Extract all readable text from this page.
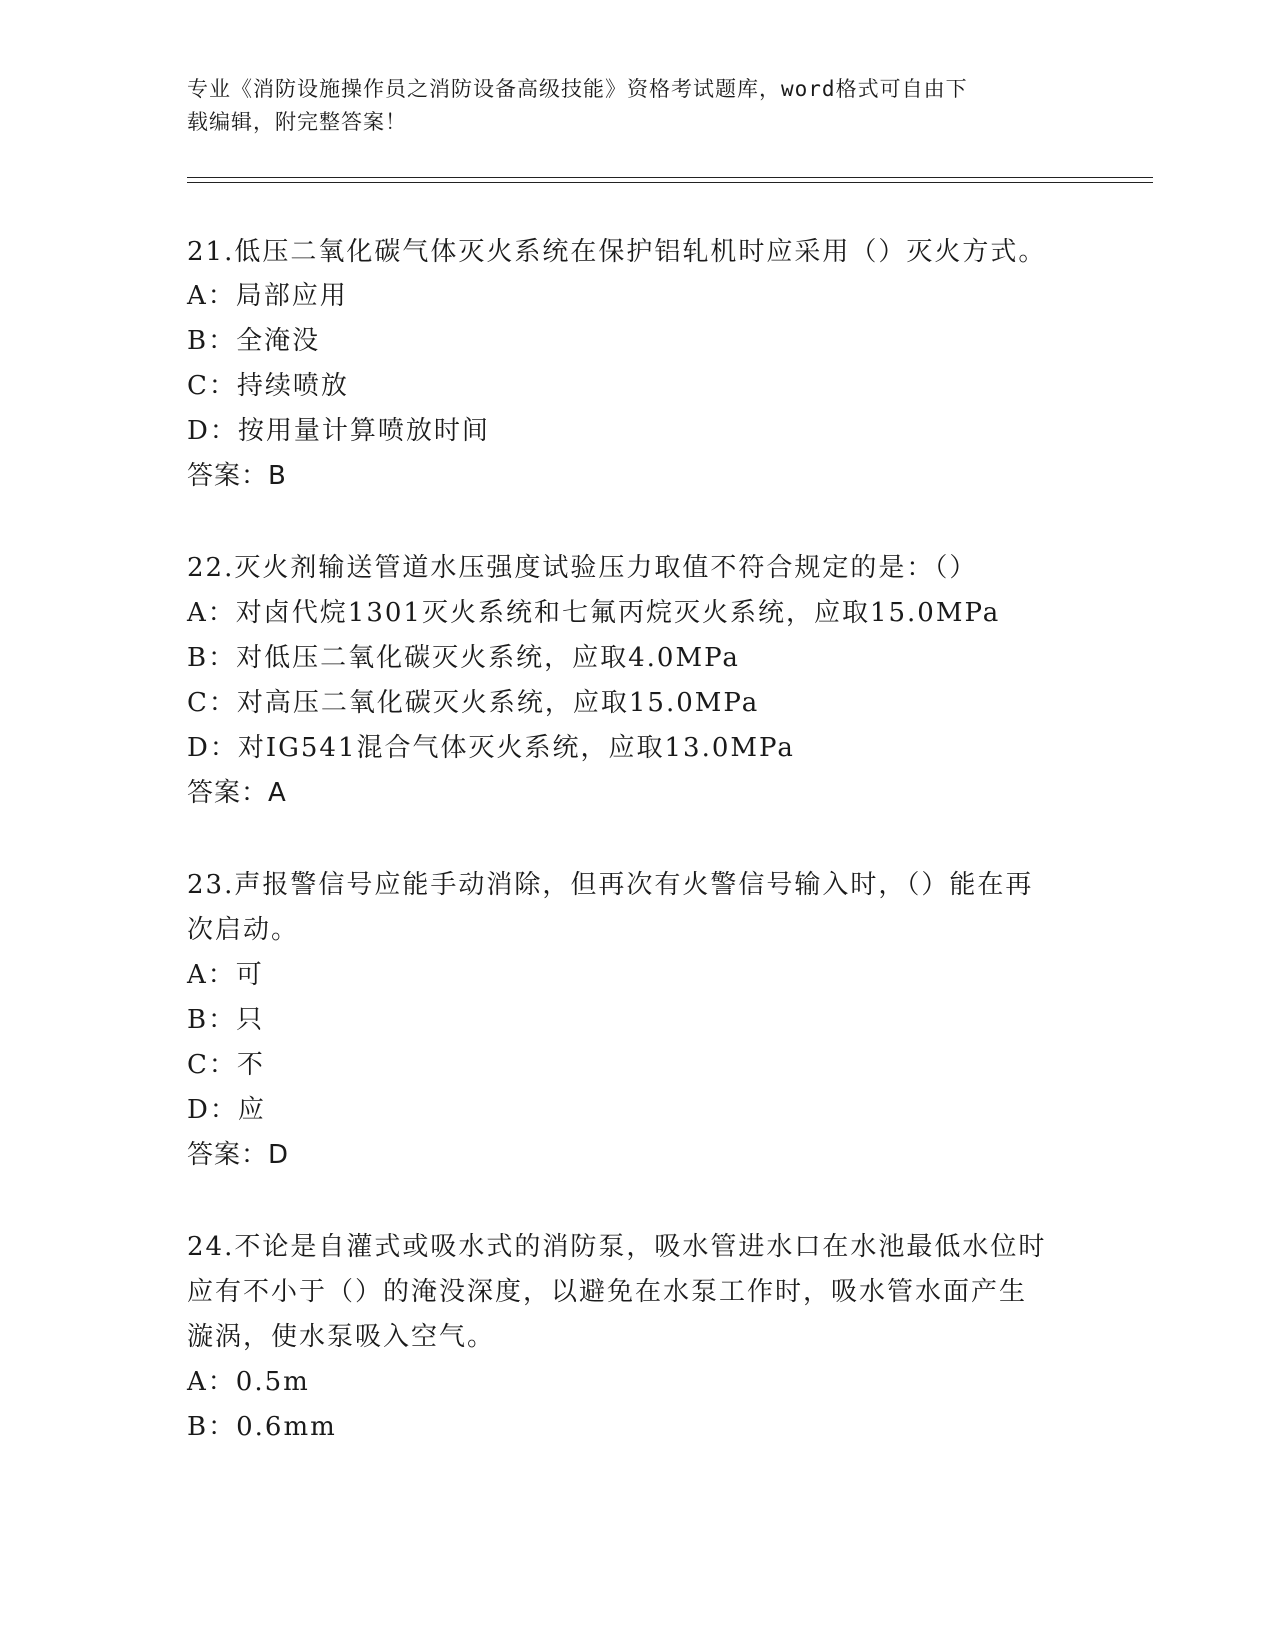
专业《消防设施操作员之消防设备高级技能》资格考试题库，word格式可自由下
载编辑，附完整答案！
21.低压二氧化碳气体灭火系统在保护铝轧机时应采用（）灭火方式。
A：局部应用
B：全淹没
C：持续喷放
D：按用量计算喷放时间
答案：B
22.灭火剂输送管道水压强度试验压力取值不符合规定的是：（）
A：对卤代烷1301灭火系统和七氟丙烷灭火系统，应取15.0MPa
B：对低压二氧化碳灭火系统，应取4.0MPa
C：对高压二氧化碳灭火系统，应取15.0MPa
D：对IG541混合气体灭火系统，应取13.0MPa
答案：A
23.声报警信号应能手动消除，但再次有火警信号输入时，（）能在再
次启动。
A：可
B：只
C：不
D：应
答案：D
24.不论是自灌式或吸水式的消防泵，吸水管进水口在水池最低水位时
应有不小于（）的淹没深度，以避免在水泵工作时，吸水管水面产生
漩涡，使水泵吸入空气。
A：0.5m
B：0.6mm
